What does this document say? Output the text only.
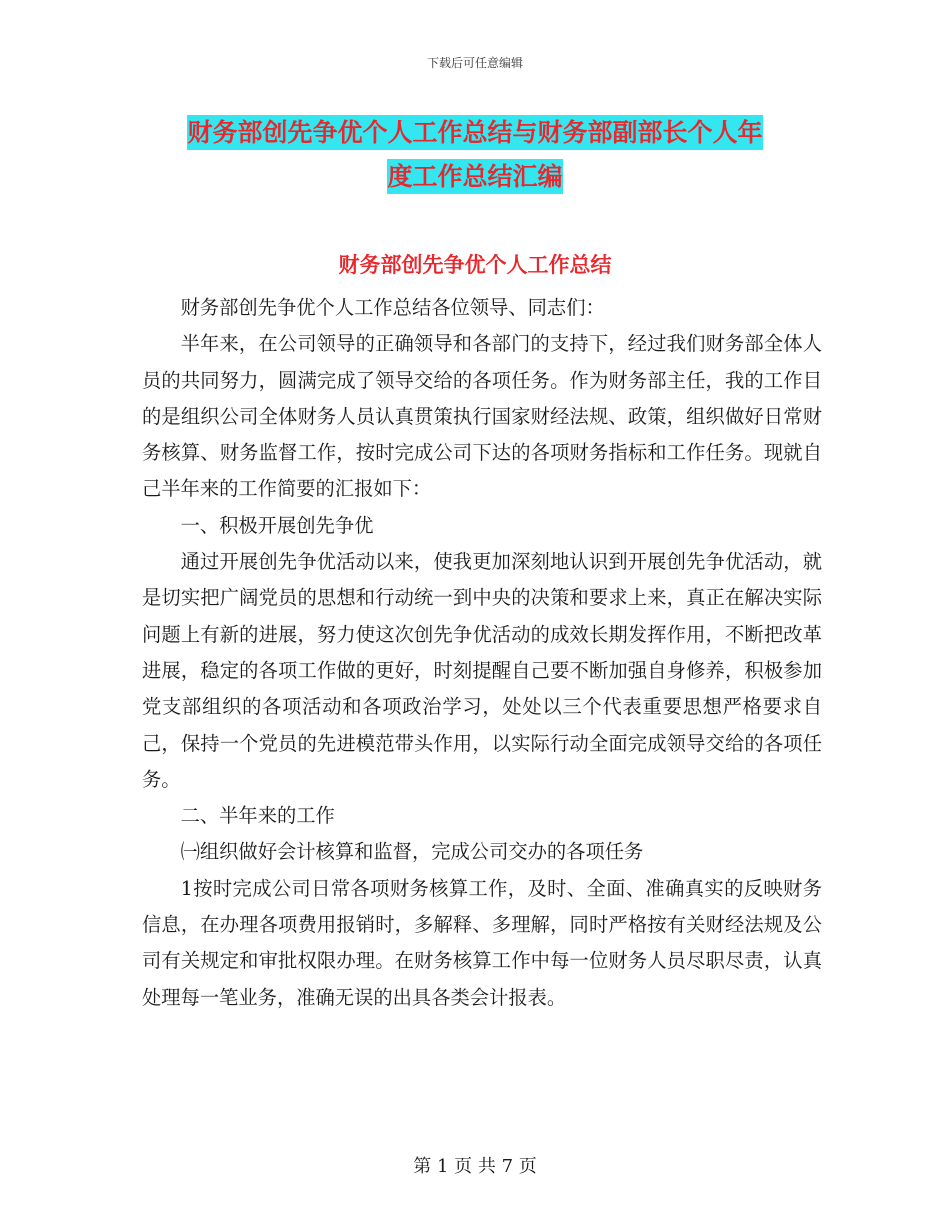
下载后可任意编辑
财务部创先争优个人工作总结与财务部副部长个人年
度工作总结汇编
财务部创先争优个人工作总结

财务部创先争优个人工作总结各位领导、同志们：

半年来，在公司领导的正确领导和各部门的支持下，经过我们财务部全体人员的共同努力，圆满完成了领导交给的各项任务。作为财务部主任，我的工作目的是组织公司全体财务人员认真贯策执行国家财经法规、政策，组织做好日常财务核算、财务监督工作，按时完成公司下达的各项财务指标和工作任务。现就自己半年来的工作简要的汇报如下：

一、积极开展创先争优

通过开展创先争优活动以来，使我更加深刻地认识到开展创先争优活动，就是切实把广阔党员的思想和行动统一到中央的决策和要求上来，真正在解决实际问题上有新的进展，努力使这次创先争优活动的成效长期发挥作用，不断把改革进展，稳定的各项工作做的更好，时刻提醒自己要不断加强自身修养，积极参加党支部组织的各项活动和各项政治学习，处处以三个代表重要思想严格要求自己，保持一个党员的先进模范带头作用，以实际行动全面完成领导交给的各项任务。

二、半年来的工作

㈠组织做好会计核算和监督，完成公司交办的各项任务

1按时完成公司日常各项财务核算工作，及时、全面、准确真实的反映财务信息，在办理各项费用报销时，多解释、多理解，同时严格按有关财经法规及公司有关规定和审批权限办理。在财务核算工作中每一位财务人员尽职尽责，认真处理每一笔业务，准确无误的出具各类会计报表。

第 1 页 共 7 页
